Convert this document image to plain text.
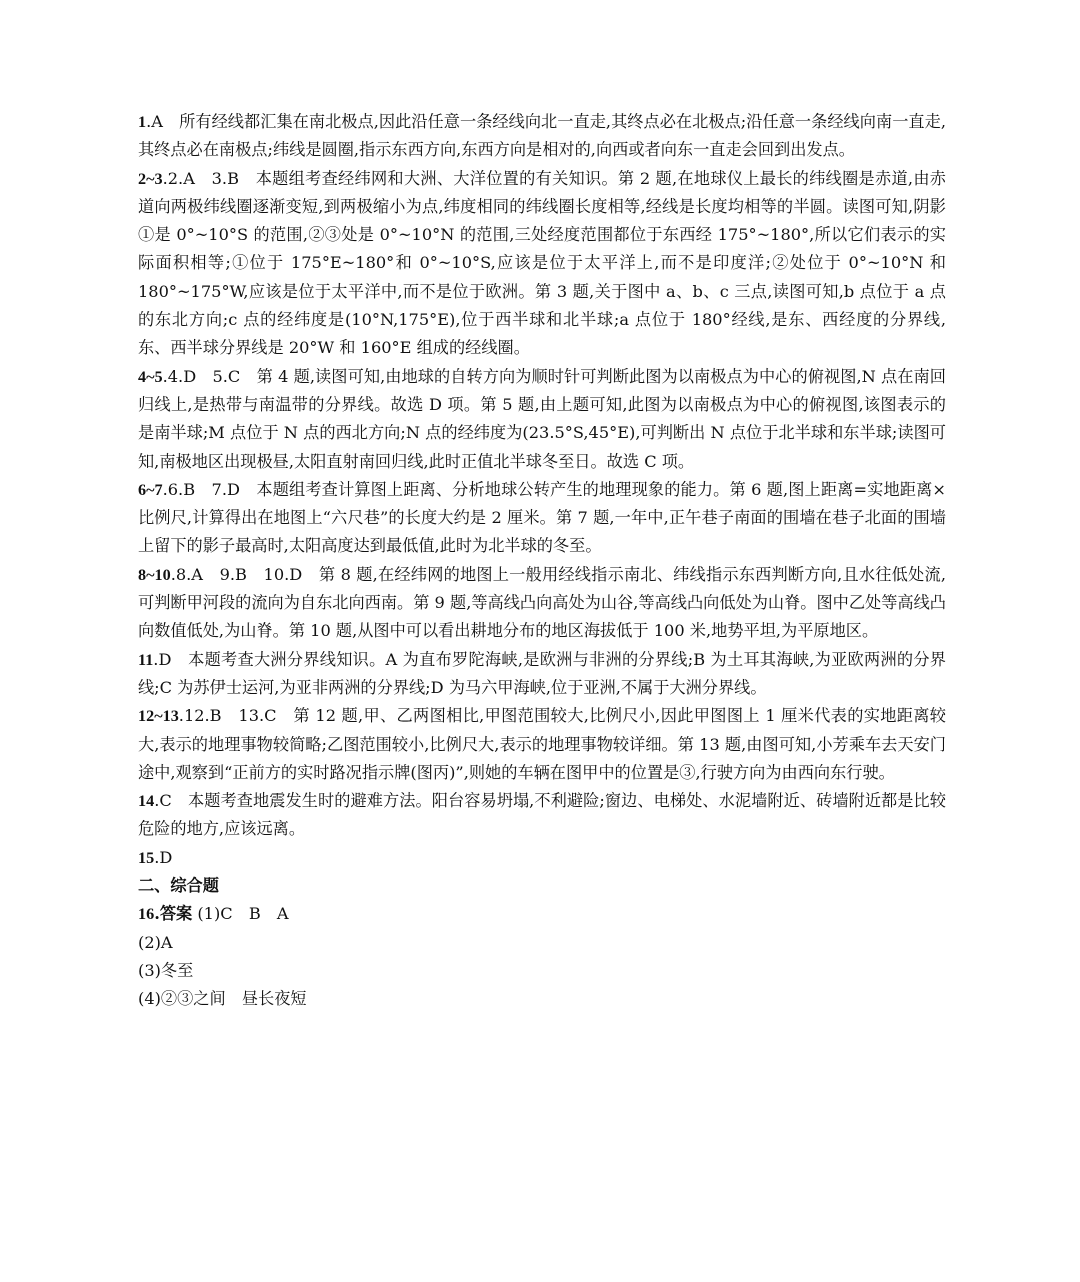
1.A　所有经线都汇集在南北极点,因此沿任意一条经线向北一直走,其终点必在北极点;沿任意一条经线向南一直走,其终点必在南极点;纬线是圆圈,指示东西方向,东西方向是相对的,向西或者向东一直走会回到出发点。

2~3.2.A　3.B　本题组考查经纬网和大洲、大洋位置的有关知识。第 2 题,在地球仪上最长的纬线圈是赤道,由赤道向两极纬线圈逐渐变短,到两极缩小为点,纬度相同的纬线圈长度相等,经线是长度均相等的半圆。读图可知,阴影①是 0°~10°S 的范围,②③处是 0°~10°N 的范围,三处经度范围都位于东西经 175°~180°,所以它们表示的实际面积相等;①位于 175°E~180°和 0°~10°S,应该是位于太平洋上,而不是印度洋;②处位于 0°~10°N 和 180°~175°W,应该是位于太平洋中,而不是位于欧洲。第 3 题,关于图中 a、b、c 三点,读图可知,b 点位于 a 点的东北方向;c 点的经纬度是(10°N,175°E),位于西半球和北半球;a 点位于 180°经线,是东、西经度的分界线,东、西半球分界线是 20°W 和 160°E 组成的经线圈。

4~5.4.D　5.C　第 4 题,读图可知,由地球的自转方向为顺时针可判断此图为以南极点为中心的俯视图,N 点在南回归线上,是热带与南温带的分界线。故选 D 项。第 5 题,由上题可知,此图为以南极点为中心的俯视图,该图表示的是南半球;M 点位于 N 点的西北方向;N 点的经纬度为(23.5°S,45°E),可判断出 N 点位于北半球和东半球;读图可知,南极地区出现极昼,太阳直射南回归线,此时正值北半球冬至日。故选 C 项。

6~7.6.B　7.D　本题组考查计算图上距离、分析地球公转产生的地理现象的能力。第 6 题,图上距离=实地距离×比例尺,计算得出在地图上“六尺巷”的长度大约是 2 厘米。第 7 题,一年中,正午巷子南面的围墙在巷子北面的围墙上留下的影子最高时,太阳高度达到最低值,此时为北半球的冬至。

8~10.8.A　9.B　10.D　第 8 题,在经纬网的地图上一般用经线指示南北、纬线指示东西判断方向,且水往低处流,可判断甲河段的流向为自东北向西南。第 9 题,等高线凸向高处为山谷,等高线凸向低处为山脊。图中乙处等高线凸向数值低处,为山脊。第 10 题,从图中可以看出耕地分布的地区海拔低于 100 米,地势平坦,为平原地区。

11.D　本题考查大洲分界线知识。A 为直布罗陀海峡,是欧洲与非洲的分界线;B 为土耳其海峡,为亚欧两洲的分界线;C 为苏伊士运河,为亚非两洲的分界线;D 为马六甲海峡,位于亚洲,不属于大洲分界线。

12~13.12.B　13.C　第 12 题,甲、乙两图相比,甲图范围较大,比例尺小,因此甲图图上 1 厘米代表的实地距离较大,表示的地理事物较简略;乙图范围较小,比例尺大,表示的地理事物较详细。第 13 题,由图可知,小芳乘车去天安门途中,观察到“正前方的实时路况指示牌(图丙)”,则她的车辆在图甲中的位置是③,行驶方向为由西向东行驶。

14.C　本题考查地震发生时的避难方法。阳台容易坍塌,不利避险;窗边、电梯处、水泥墙附近、砖墙附近都是比较危险的地方,应该远离。

15.D

二、综合题

16.答案 (1)C　B　A

(2)A

(3)冬至

(4)②③之间　昼长夜短
